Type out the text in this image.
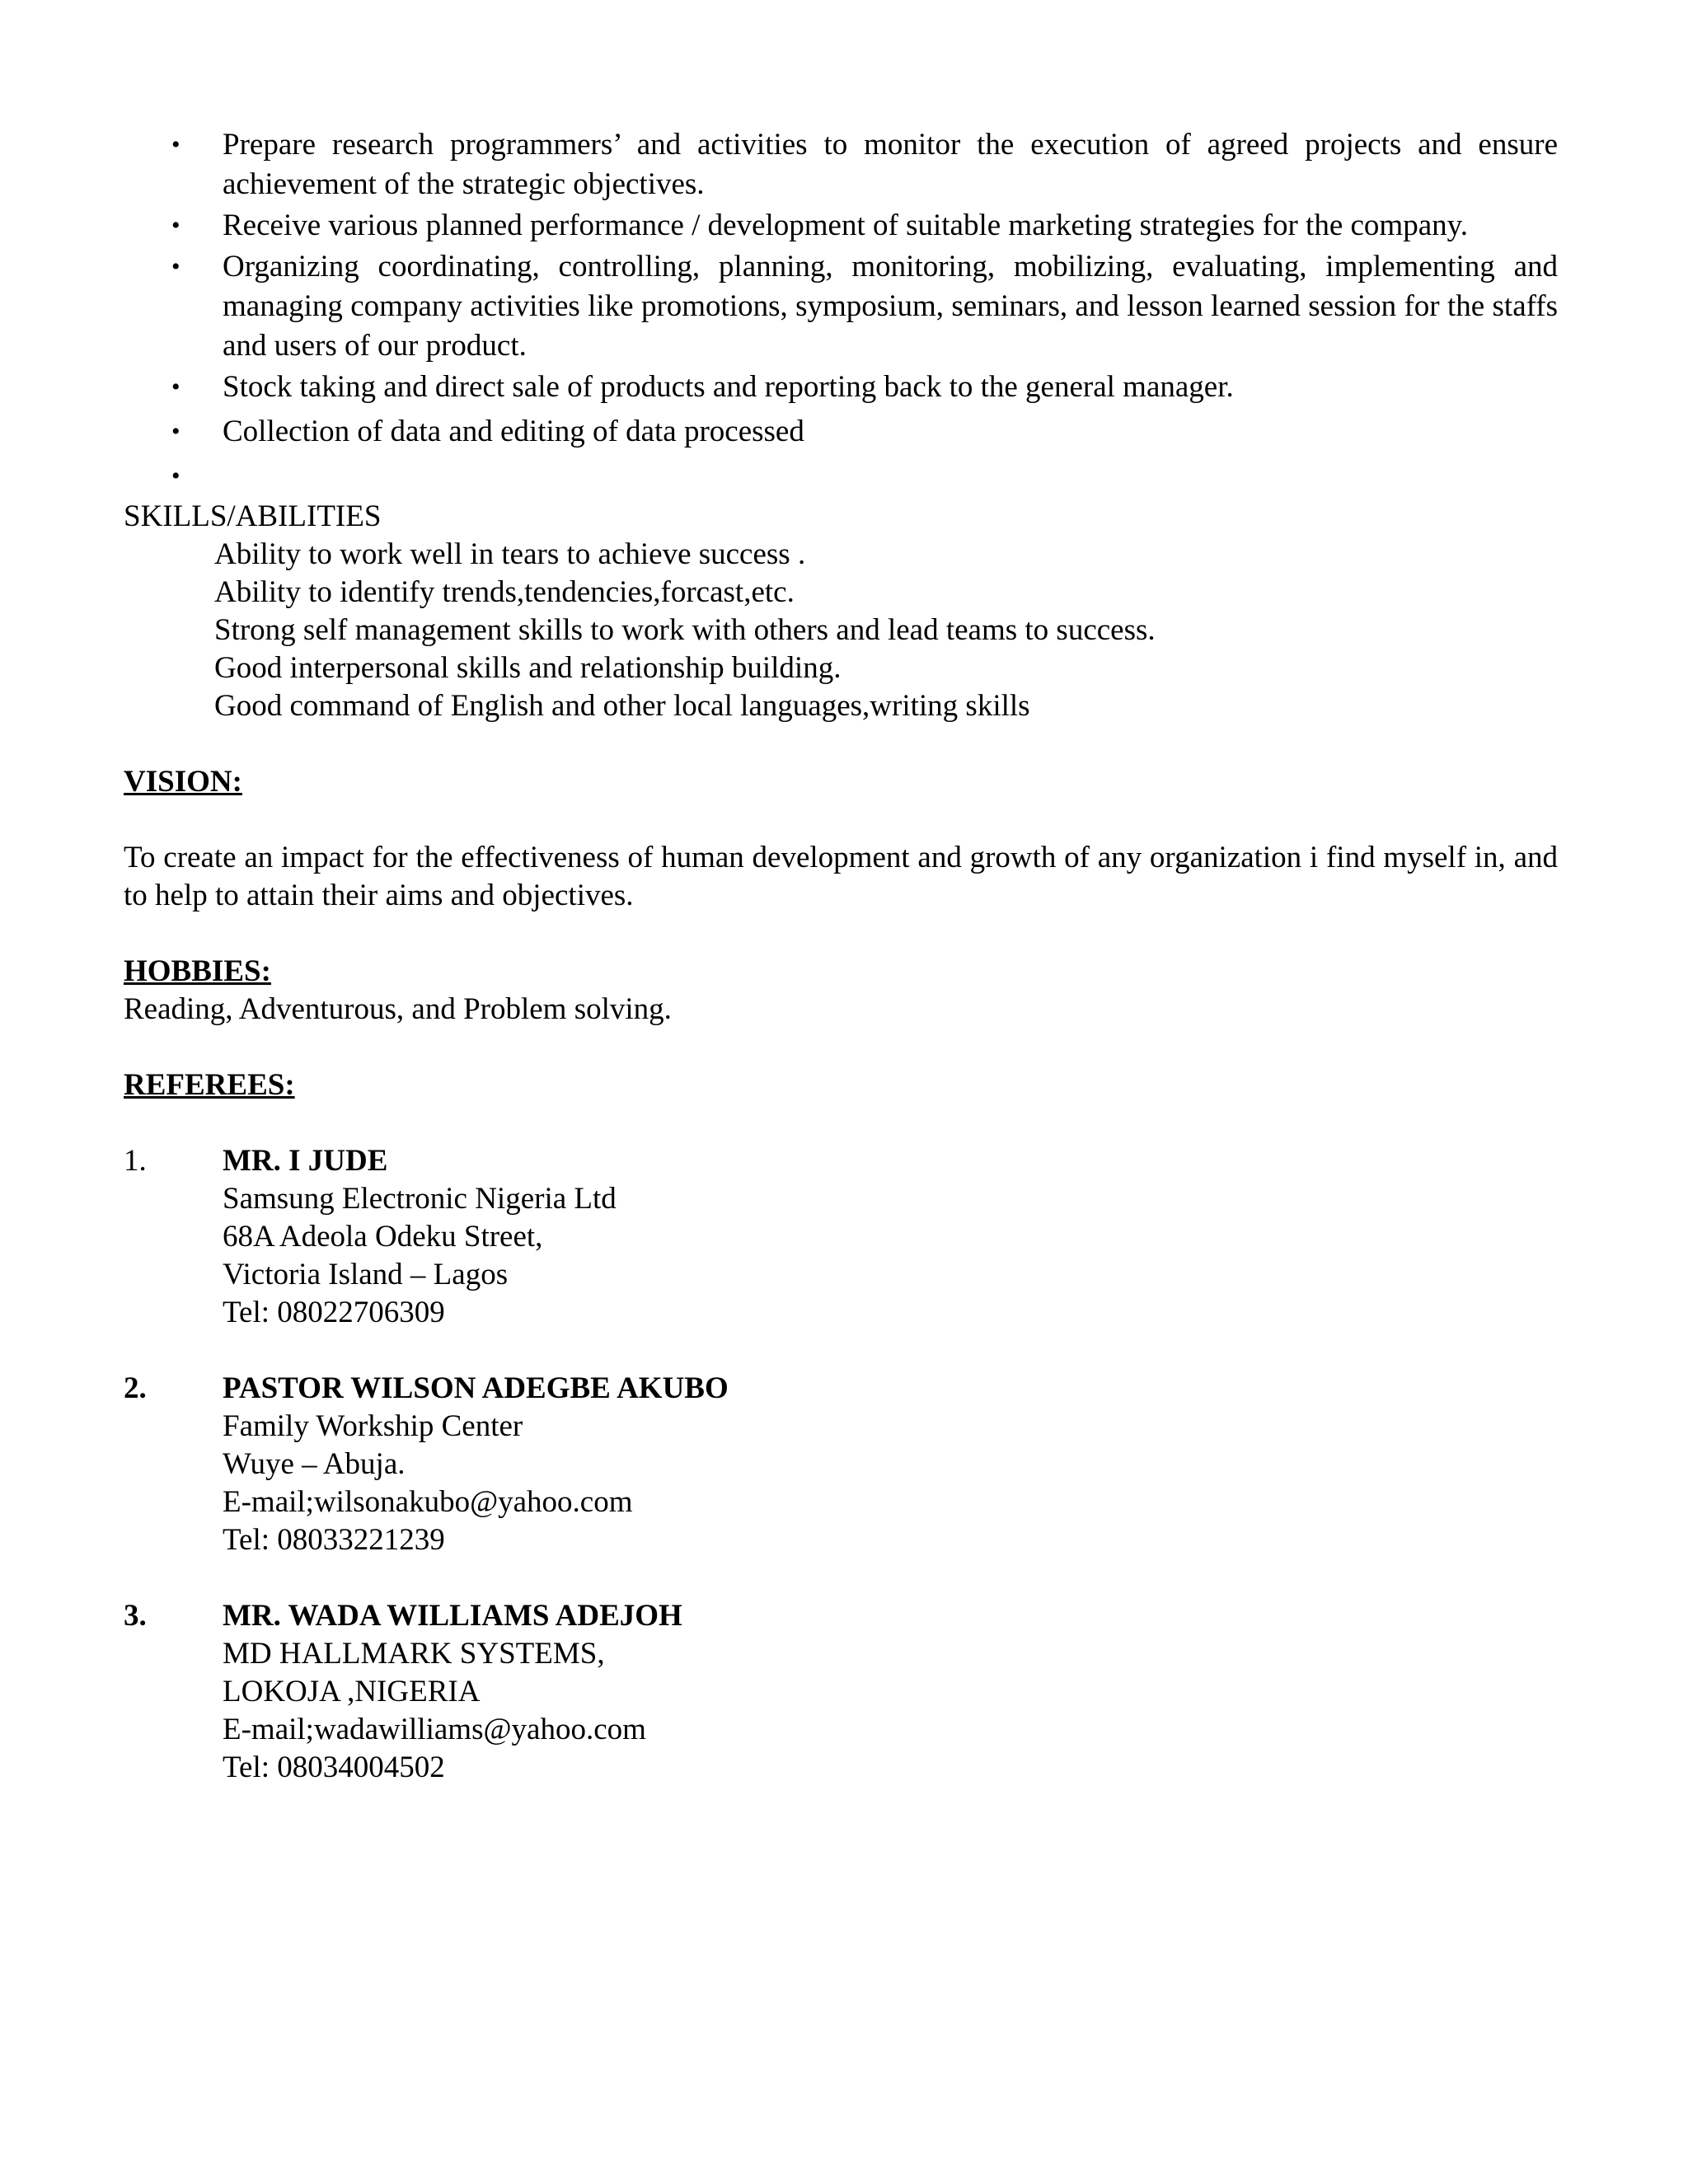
• Prepare research programmers’ and activities to monitor the execution of agreed projects and ensure achievement of the strategic objectives.
• Receive various planned performance / development of suitable marketing strategies for the company.
• Organizing coordinating, controlling, planning, monitoring, mobilizing, evaluating, implementing and managing company activities like promotions, symposium, seminars, and lesson learned session for the staffs and users of our product.
• Stock taking and direct sale of products and reporting back to the general manager.
• Collection of data and editing of data processed
•

SKILLS/ABILITIES
Ability to work well in tears to achieve success .
Ability to identify trends,tendencies,forcast,etc.
Strong self management skills to work with others and lead teams to success.
Good interpersonal skills and relationship building.
Good command of English and other local languages,writing skills
VISION:
To create an impact for the effectiveness of human development and growth of any organization i find myself in, and to help to attain their aims and objectives.
HOBBIES:
Reading, Adventurous, and Problem solving.
REFEREES:
1. MR. I JUDE
Samsung Electronic Nigeria Ltd
68A Adeola Odeku Street,
Victoria Island – Lagos
Tel: 08022706309
2. PASTOR WILSON ADEGBE AKUBO
Family Workship Center
Wuye – Abuja.
E-mail;wilsonakubo@yahoo.com
Tel: 08033221239
3. MR. WADA WILLIAMS ADEJOH
MD HALLMARK SYSTEMS,
LOKOJA ,NIGERIA
E-mail;wadawilliams@yahoo.com
Tel: 08034004502
